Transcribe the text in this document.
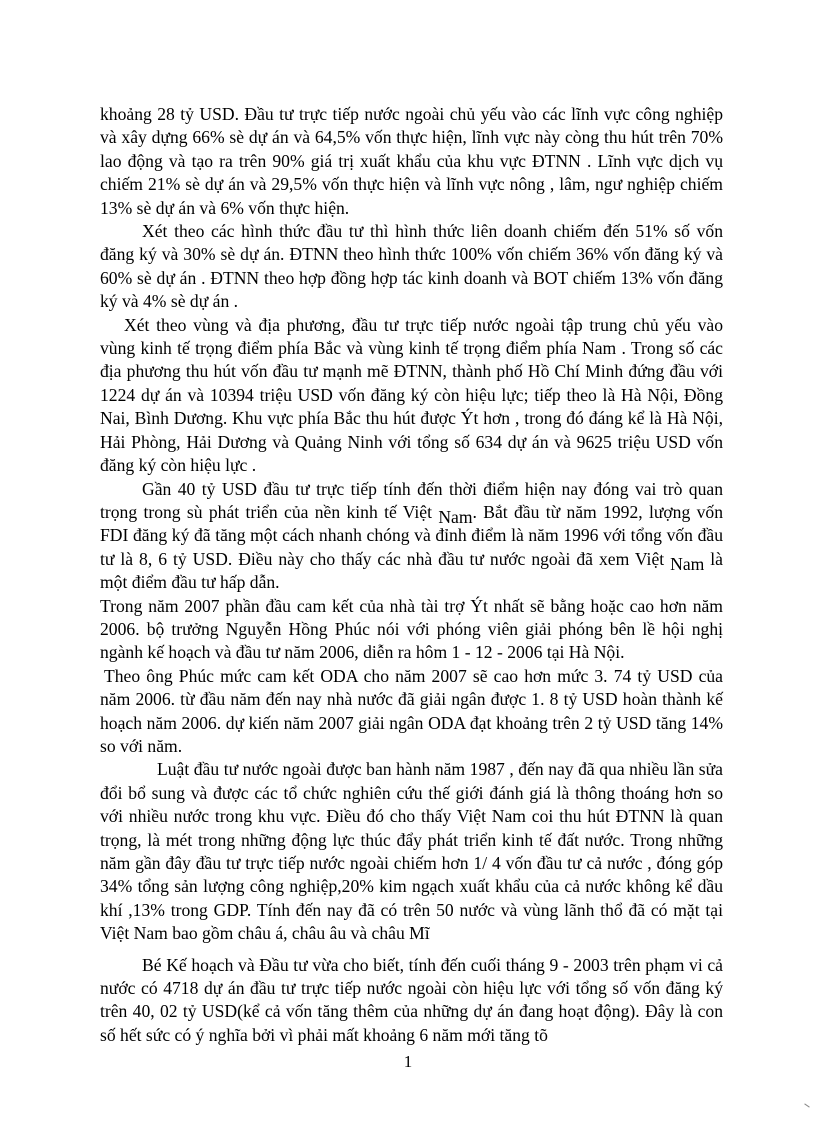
khoảng 28 tỷ USD. Đầu tư trực tiếp nước ngoài chủ yếu vào các lĩnh vực công nghiệp và xây dựng 66% sè dự án và 64,5% vốn thực hiện, lĩnh vực này còng thu hút trên 70% lao động và tạo ra trên 90% giá trị xuất khẩu của khu vực ĐTNN . Lĩnh vực dịch vụ chiếm 21% sè dự án và 29,5% vốn thực hiện và lĩnh vực nông , lâm, ngư nghiệp chiếm 13% sè dự án và 6% vốn thực hiện.

Xét theo các hình thức đầu tư thì hình thức liên doanh chiếm đến 51% số vốn đăng ký và 30% sè dự án. ĐTNN theo hình thức 100% vốn chiếm 36% vốn đăng ký và 60% sè dự án . ĐTNN theo hợp đồng hợp tác kinh doanh và BOT chiếm 13% vốn đăng ký và 4% sè dự án .

Xét theo vùng và địa phương, đầu tư trực tiếp nước ngoài tập trung chủ yếu vào vùng kinh tế trọng điểm phía Bắc và vùng kinh tế trọng điểm phía Nam . Trong số các địa phương thu hút vốn đầu tư mạnh mẽ ĐTNN, thành phố Hồ Chí Minh đứng đầu với 1224 dự án và 10394 triệu USD vốn đăng ký còn hiệu lực; tiếp theo là Hà Nội, Đồng Nai, Bình Dương. Khu vực phía Bắc thu hút được Ýt hơn , trong đó đáng kể là Hà Nội, Hải Phòng, Hải Dương và Quảng Ninh với tổng số 634 dự án và 9625 triệu USD vốn đăng ký còn hiệu lực .

Gần 40 tỷ USD đầu tư trực tiếp tính đến thời điểm hiện nay đóng vai trò quan trọng trong sù phát triển của nền kinh tế Việt Nam. Bắt đầu từ năm 1992, lượng vốn FDI đăng ký đã tăng một cách nhanh chóng và đỉnh điểm là năm 1996 với tổng vốn đầu tư là 8, 6 tỷ USD. Điều này cho thấy các nhà đầu tư nước ngoài đã xem Việt Nam là một điểm đầu tư hấp dẫn.

Trong năm 2007 phần đầu cam kết của nhà tài trợ Ýt nhất sẽ bằng hoặc cao hơn năm 2006. bộ trưởng Nguyễn Hồng Phúc nói với phóng viên giải phóng bên lề hội nghị ngành kế hoạch và đầu tư năm 2006, diễn ra hôm 1 - 12 - 2006 tại Hà Nội.

Theo ông Phúc mức cam kết ODA cho năm 2007 sẽ cao hơn mức 3. 74 tỷ USD của năm 2006. từ đầu năm đến nay nhà nước đã giải ngân được 1. 8 tỷ USD hoàn thành kế hoạch năm 2006. dự kiến năm 2007 giải ngân ODA đạt khoảng trên 2 tỷ USD tăng 14% so với năm.

Luật đầu tư nước ngoài được ban hành năm 1987 , đến nay đã qua nhiều lần sửa đổi bổ sung và được các tổ chức nghiên cứu thế giới đánh giá là thông thoáng hơn so với nhiều nước trong khu vực. Điều đó cho thấy Việt Nam coi thu hút ĐTNN là quan trọng, là mét trong những động lực thúc đẩy phát triển kinh tế đất nước. Trong những năm gần đây đầu tư trực tiếp nước ngoài chiếm hơn 1/ 4 vốn đầu tư cả nước , đóng góp 34% tổng sản lượng công nghiệp,20% kim ngạch xuất khẩu của cả nước không kể dầu khí ,13% trong GDP. Tính đến nay đã có trên 50 nước và vùng lãnh thổ đã có mặt tại Việt Nam bao gồm châu á, châu âu và châu Mĩ

Bé Kế hoạch và Đầu tư vừa cho biết, tính đến cuối tháng 9 - 2003 trên phạm vi cả nước có 4718 dự án đầu tư trực tiếp nước ngoài còn hiệu lực với tổng số vốn đăng ký trên 40, 02 tỷ USD(kể cả vốn tăng thêm của những dự án đang hoạt động). Đây là con số hết sức có ý nghĩa bởi vì phải mất khoảng 6 năm mới tăng tõ

1
